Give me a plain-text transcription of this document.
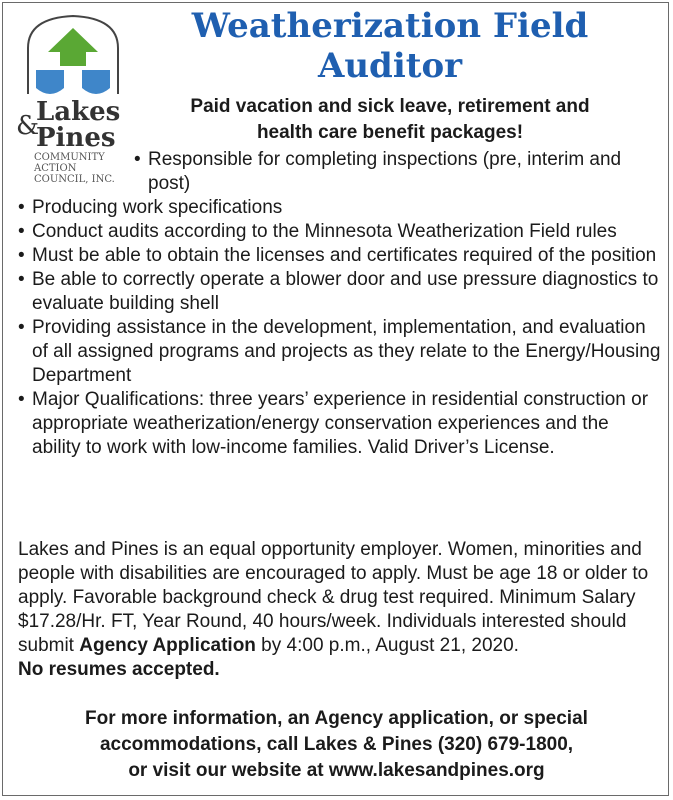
&
Lakes
Pines
COMMUNITY
ACTION
COUNCIL, INC.
Weatherization Field
Auditor

Paid vacation and sick leave, retirement and
health care benefit packages!

• Responsible for completing inspections (pre, interim and post)
• Producing work specifications
• Conduct audits according to the Minnesota Weatherization Field rules
• Must be able to obtain the licenses and certificates required of the position
• Be able to correctly operate a blower door and use pressure diagnostics to evaluate building shell
• Providing assistance in the development, implementation, and evaluation of all assigned programs and projects as they relate to the Energy/Housing Department
• Major Qualifications: three years’ experience in residential construction or appropriate weatherization/energy conservation experiences and the ability to work with low-income families. Valid Driver’s License.

Lakes and Pines is an equal opportunity employer. Women, minorities and people with disabilities are encouraged to apply. Must be age 18 or older to apply. Favorable background check & drug test required. Minimum Salary $17.28/Hr. FT, Year Round, 40 hours/week. Individuals interested should submit Agency Application by 4:00 p.m., August 21, 2020.
No resumes accepted.

For more information, an Agency application, or special
accommodations, call Lakes & Pines (320) 679-1800,
or visit our website at www.lakesandpines.org
